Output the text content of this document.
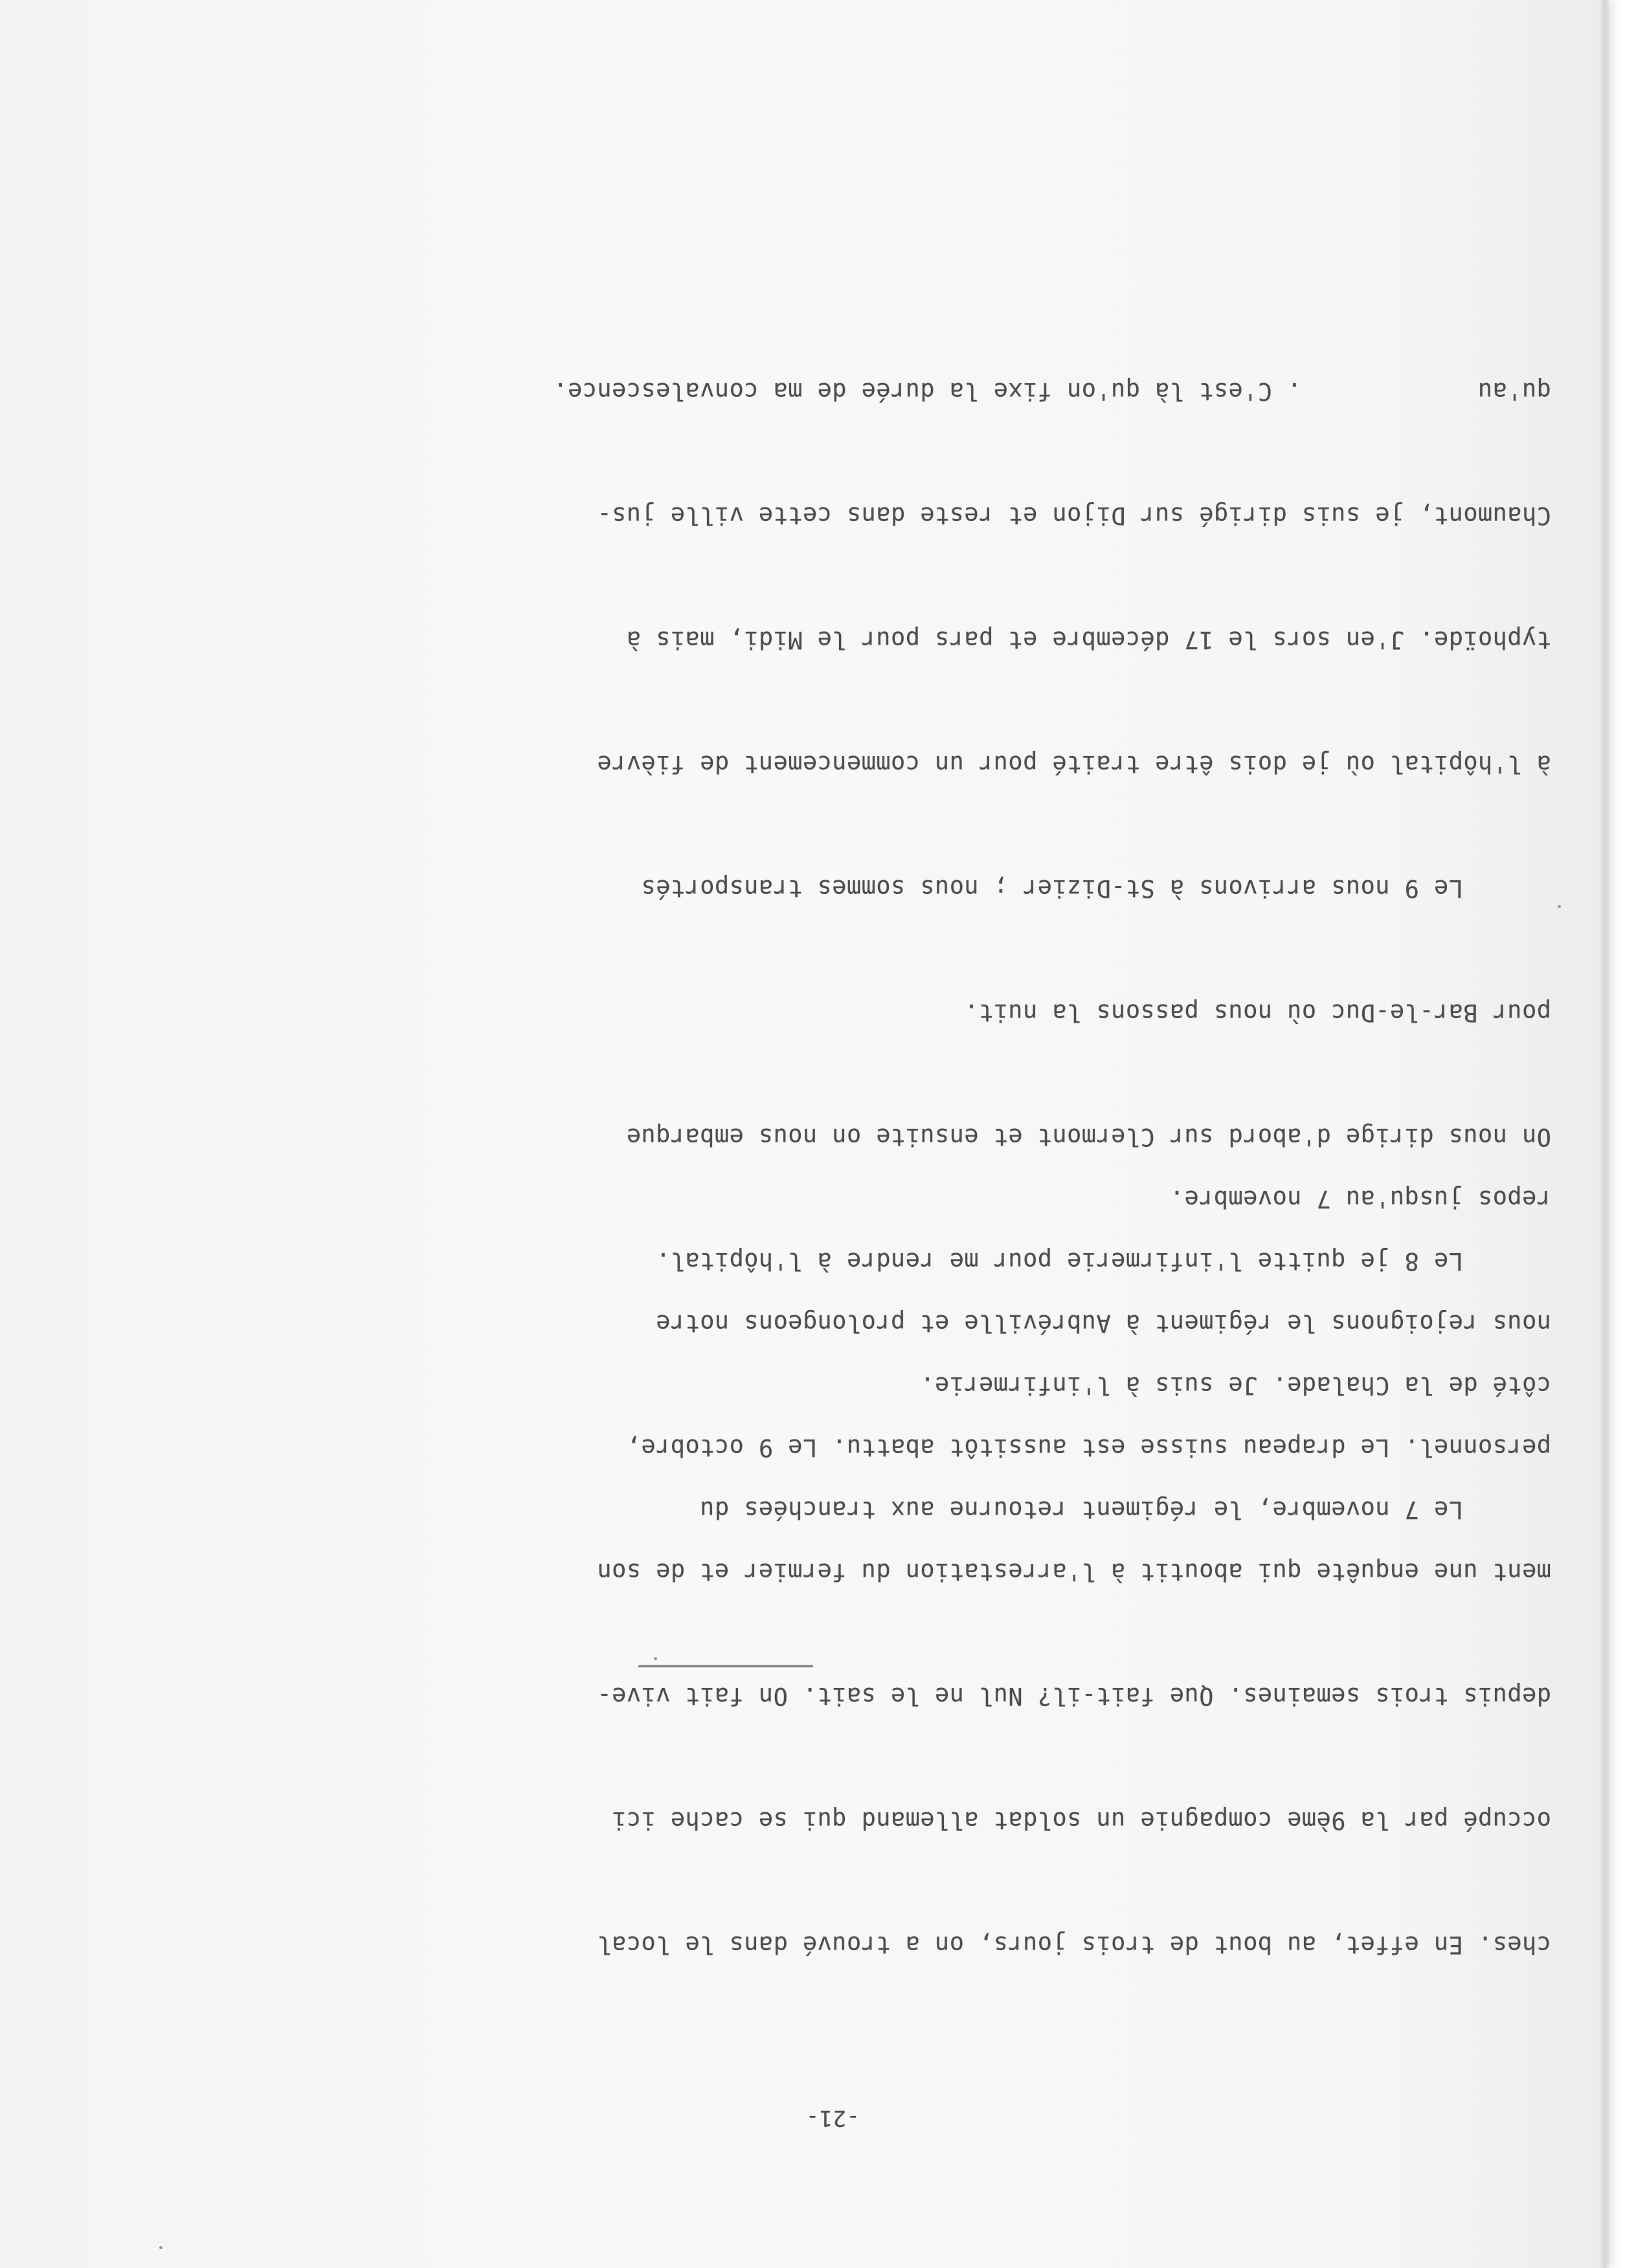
-21-

ches. En effet, au bout de trois jours, on a trouvé dans le local

occupé par la 9ème compagnie un soldat allemand qui se cache ici

depuis trois semaines. Que fait-il? Nul ne le sait. On fait vive-

ment une enquête qui aboutit à l'arrestation du fermier et de son

personnel. Le drapeau suisse est aussitôt abattu. Le 9 octobre,

nous rejoignons le régiment à Aubréville et prolongeons notre

repos jusqu'au 7 novembre.

Le 7 novembre, le régiment retourne aux tranchées du

côté de la Chalade. Je suis à l'infirmerie.

Le 8 je quitte l'infirmerie pour me rendre à l'hôpital.

On nous dirige d'abord sur Clermont et ensuite on nous embarque

pour Bar-le-Duc où nous passons la nuit.

Le 9 nous arrivons à St-Dizier ; nous sommes transportés

à l'hôpital où je dois être traité pour un commencement de fièvre

typhoïde. J'en sors le 17 décembre et pars pour le Midi, mais à

Chaumont, je suis dirigé sur Dijon et reste dans cette ville jus-

qu'au            . C'est là qu'on fixe la durée de ma convalescence.
